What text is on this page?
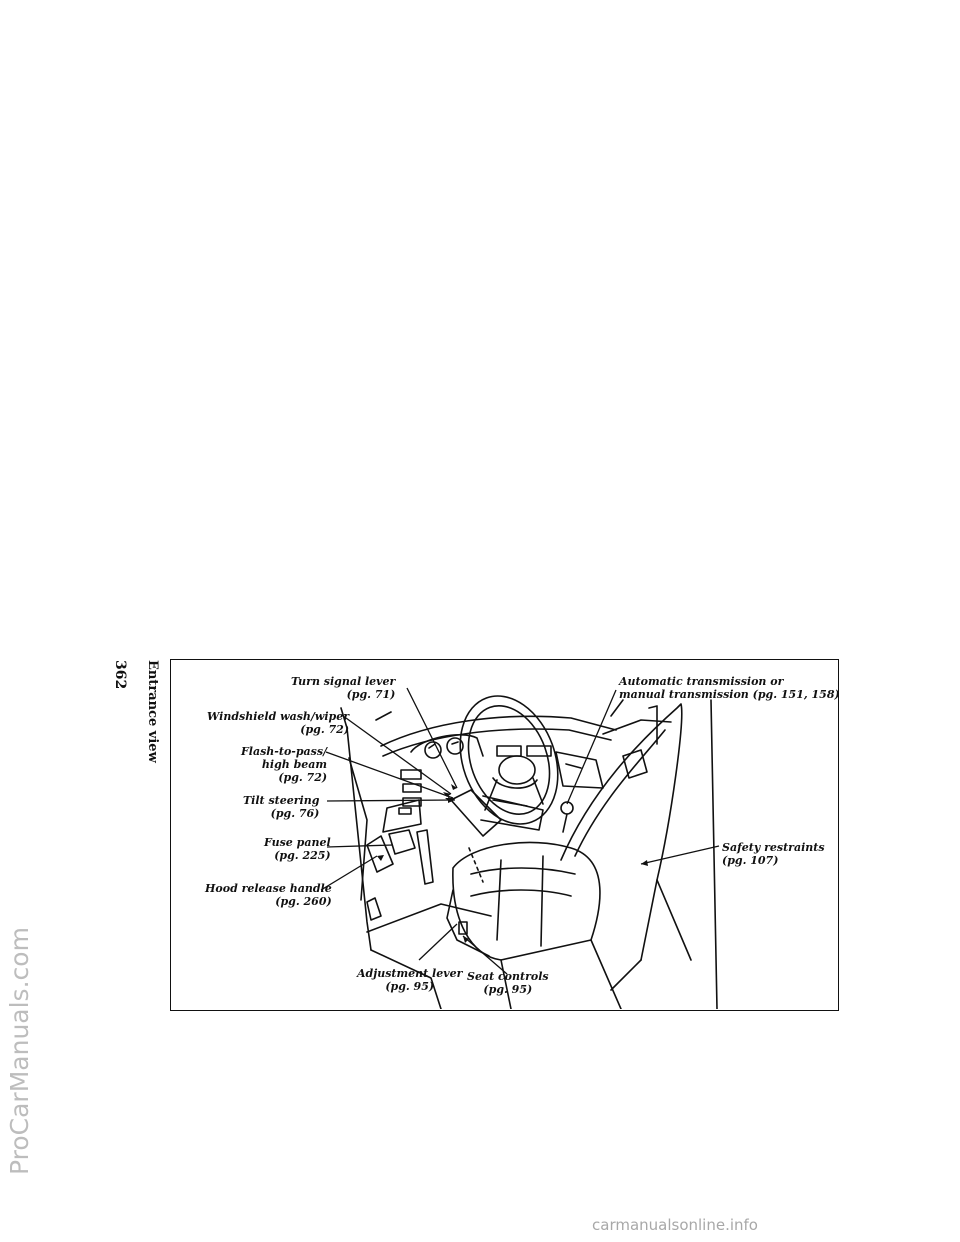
362 Entrance view
ProCarManuals.com
Turn signal lever
(pg. 71)
Automatic transmission or
manual transmission (pg. 151, 158)
Windshield wash/wiper
(pg. 72)
Flash-to-pass/
high beam
(pg. 72)
Tilt steering
(pg. 76)
Fuse panel
(pg. 225)
Hood release handle
(pg. 260)
Safety restraints
(pg. 107)
Adjustment lever
(pg. 95)
Seat controls
(pg. 95)
carmanualsonline.info
